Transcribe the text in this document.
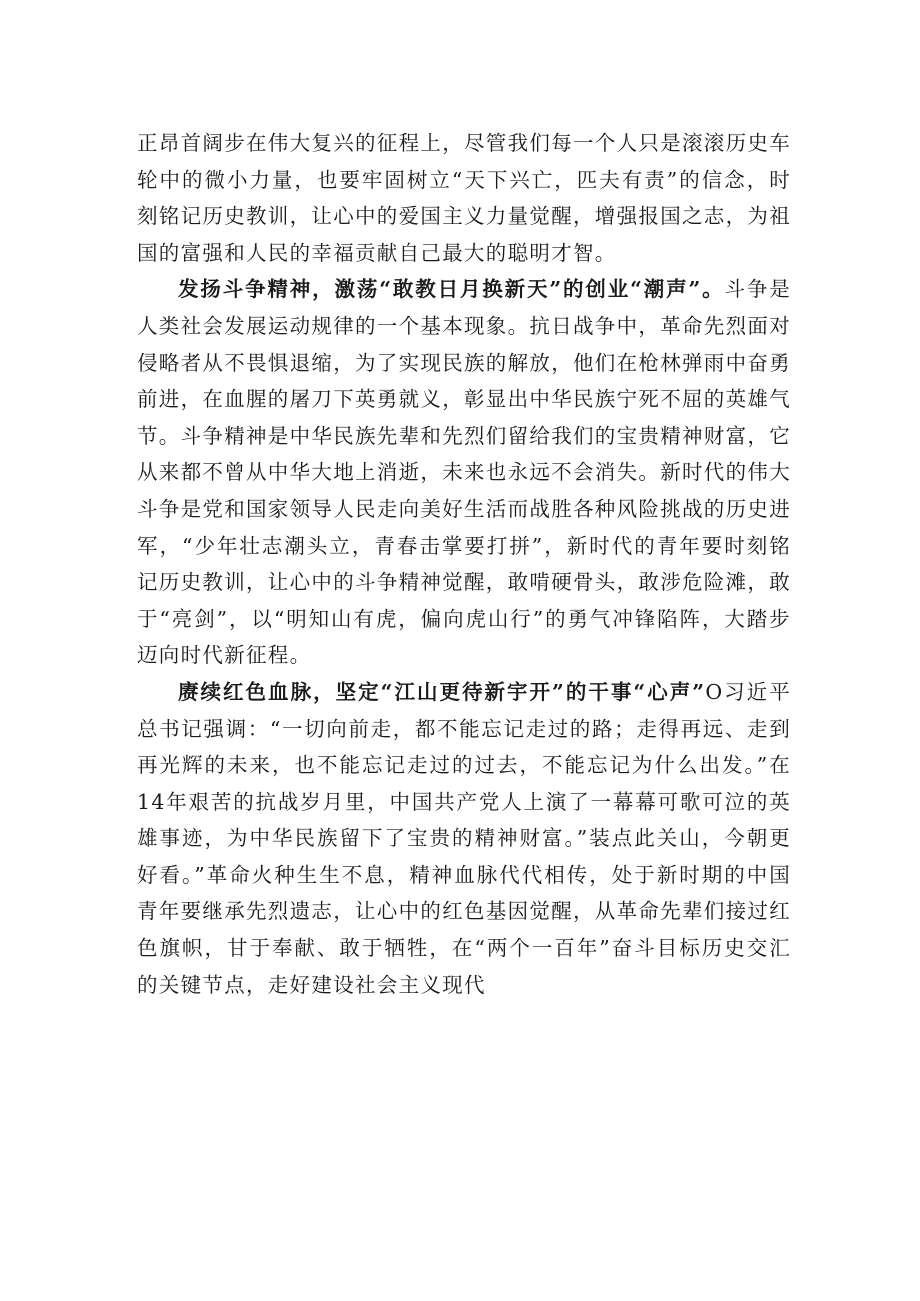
正昂首阔步在伟大复兴的征程上，尽管我们每一个人只是滚滚历史车轮中的微小力量，也要牢固树立“天下兴亡，匹夫有责”的信念，时刻铭记历史教训，让心中的爱国主义力量觉醒，增强报国之志，为祖国的富强和人民的幸福贡献自己最大的聪明才智。

发扬斗争精神，激荡“敢教日月换新天”的创业“潮声”。斗争是人类社会发展运动规律的一个基本现象。抗日战争中，革命先烈面对侵略者从不畏惧退缩，为了实现民族的解放，他们在枪林弹雨中奋勇前进，在血腥的屠刀下英勇就义，彰显出中华民族宁死不屈的英雄气节。斗争精神是中华民族先辈和先烈们留给我们的宝贵精神财富，它从来都不曾从中华大地上消逝，未来也永远不会消失。新时代的伟大斗争是党和国家领导人民走向美好生活而战胜各种风险挑战的历史进军，“少年壮志潮头立，青春击掌要打拼”，新时代的青年要时刻铭记历史教训，让心中的斗争精神觉醒，敢啃硬骨头，敢涉危险滩，敢于“亮剑”，以“明知山有虎，偏向虎山行”的勇气冲锋陷阵，大踏步迈向时代新征程。

赓续红色血脉，坚定“江山更待新宇开”的干事“心声”O习近平总书记强调：“一切向前走，都不能忘记走过的路；走得再远、走到再光辉的未来，也不能忘记走过的过去，不能忘记为什么出发。”在14年艰苦的抗战岁月里，中国共产党人上演了一幕幕可歌可泣的英雄事迹，为中华民族留下了宝贵的精神财富。”装点此关山，今朝更好看。”革命火种生生不息，精神血脉代代相传，处于新时期的中国青年要继承先烈遗志，让心中的红色基因觉醒，从革命先辈们接过红色旗帜，甘于奉献、敢于牺牲，在“两个一百年”奋斗目标历史交汇的关键节点，走好建设社会主义现代
